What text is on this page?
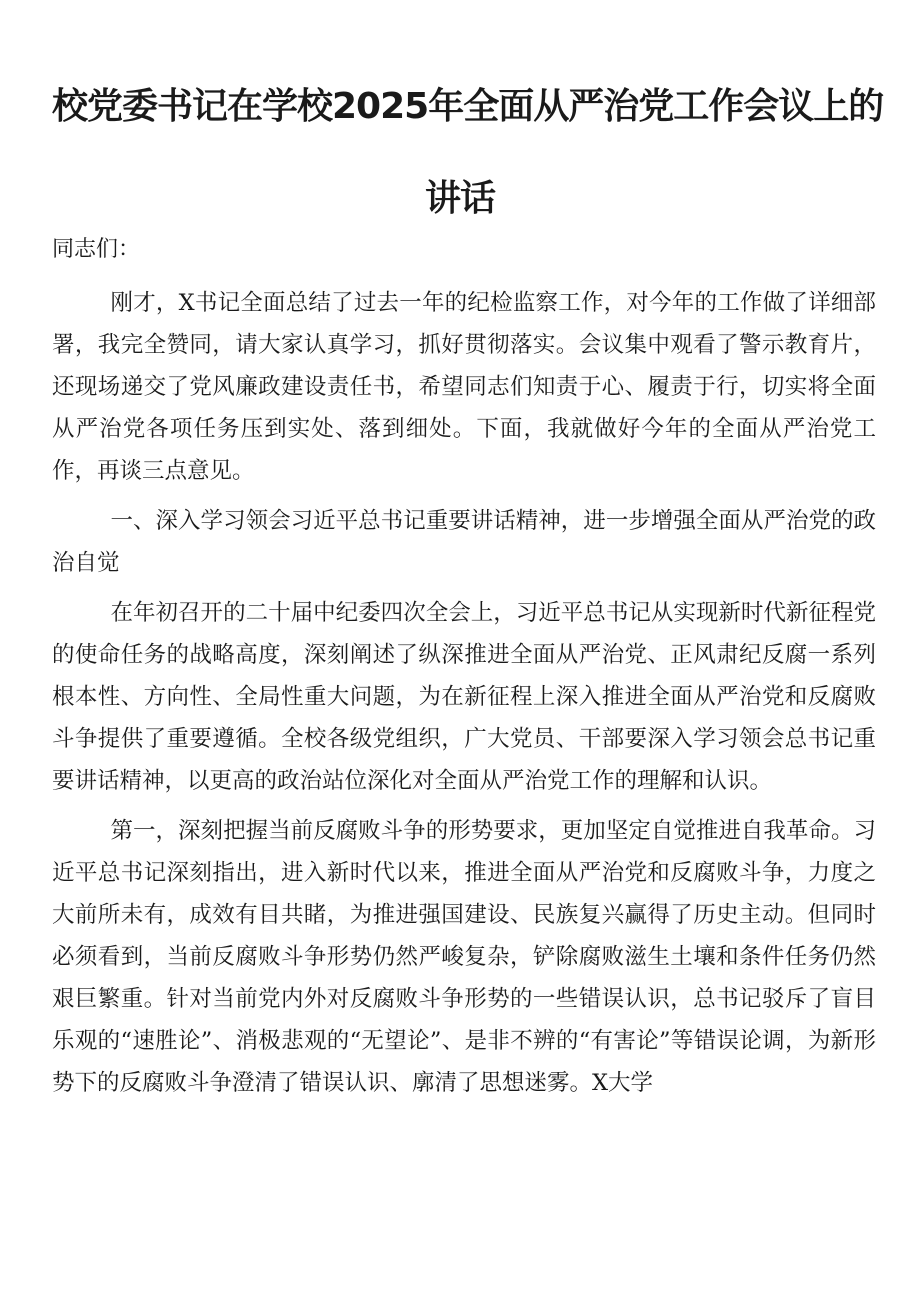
校党委书记在学校2025年全面从严治党工作会议上的
讲话

同志们：

刚才，X书记全面总结了过去一年的纪检监察工作，对今年的工作做了详细部署，我完全赞同，请大家认真学习，抓好贯彻落实。会议集中观看了警示教育片，还现场递交了党风廉政建设责任书，希望同志们知责于心、履责于行，切实将全面从严治党各项任务压到实处、落到细处。下面，我就做好今年的全面从严治党工作，再谈三点意见。

一、深入学习领会习近平总书记重要讲话精神，进一步增强全面从严治党的政治自觉

在年初召开的二十届中纪委四次全会上，习近平总书记从实现新时代新征程党的使命任务的战略高度，深刻阐述了纵深推进全面从严治党、正风肃纪反腐一系列根本性、方向性、全局性重大问题，为在新征程上深入推进全面从严治党和反腐败斗争提供了重要遵循。全校各级党组织，广大党员、干部要深入学习领会总书记重要讲话精神，以更高的政治站位深化对全面从严治党工作的理解和认识。

第一，深刻把握当前反腐败斗争的形势要求，更加坚定自觉推进自我革命。习近平总书记深刻指出，进入新时代以来，推进全面从严治党和反腐败斗争，力度之大前所未有，成效有目共睹，为推进强国建设、民族复兴赢得了历史主动。但同时必须看到，当前反腐败斗争形势仍然严峻复杂，铲除腐败滋生土壤和条件任务仍然艰巨繁重。针对当前党内外对反腐败斗争形势的一些错误认识，总书记驳斥了盲目乐观的“速胜论”、消极悲观的“无望论”、是非不辨的“有害论”等错误论调，为新形势下的反腐败斗争澄清了错误认识、廓清了思想迷雾。X大学
